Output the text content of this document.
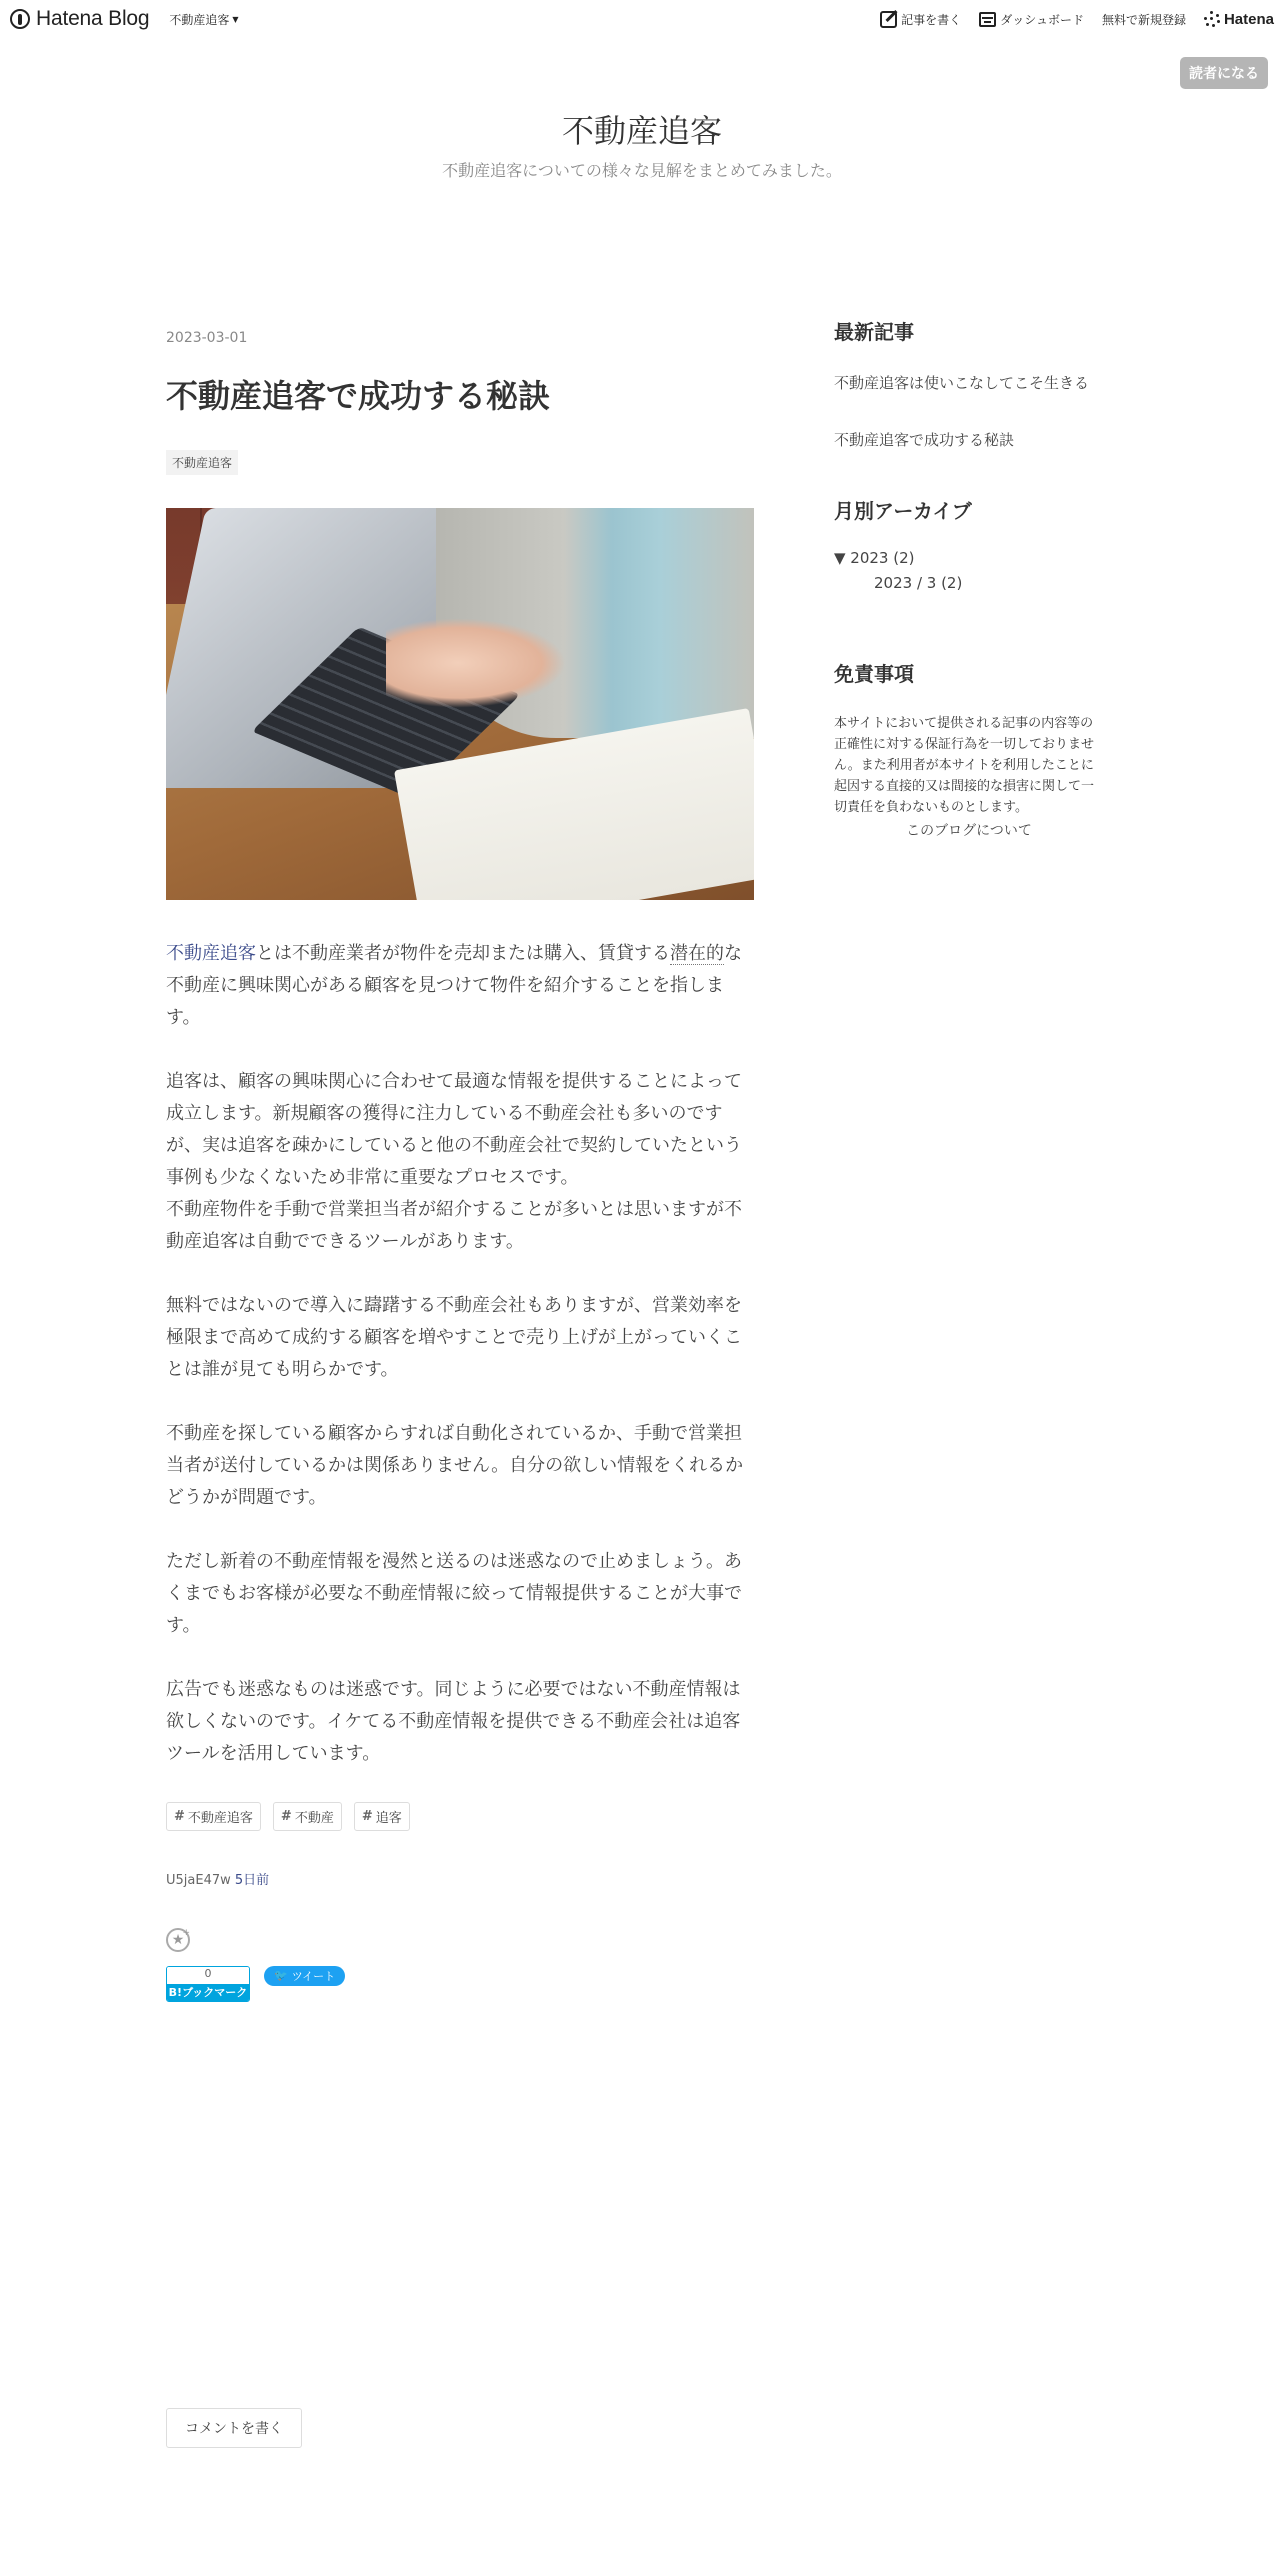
Hatena Blog 不動産追客 ▼	記事を書く	ダッシュボード 無料で新規登録	Hatena
読者になる
不動産追客
不動産追客についての様々な見解をまとめてみました。
2023-03-01
不動産追客で成功する秘訣
不動産追客

不動産追客とは不動産業者が物件を売却または購入、賃貸する潜在的な不動産に興味関心がある顧客を見つけて物件を紹介することを指します。

追客は、顧客の興味関心に合わせて最適な情報を提供することによって成立します。新規顧客の獲得に注力している不動産会社も多いのですが、実は追客を疎かにしていると他の不動産会社で契約していたという事例も少なくないため非常に重要なプロセスです。
不動産物件を手動で営業担当者が紹介することが多いとは思いますが不動産追客は自動でできるツールがあります。

無料ではないので導入に躊躇する不動産会社もありますが、営業効率を極限まで高めて成約する顧客を増やすことで売り上げが上がっていくことは誰が見ても明らかです。

不動産を探している顧客からすれば自動化されているか、手動で営業担当者が送付しているかは関係ありません。自分の欲しい情報をくれるかどうかが問題です。

ただし新着の不動産情報を漫然と送るのは迷惑なので止めましょう。あくまでもお客様が必要な不動産情報に絞って情報提供することが大事です。

広告でも迷惑なものは迷惑です。同じように必要ではない不動産情報は欲しくないのです。イケてる不動産情報を提供できる不動産会社は追客ツールを活用しています。

# 不動産追客 # 不動産 # 追客
U5jaE47w 5日前
★
+
0
B!ブックマーク
🐦 ツイート
コメントを書く
最新記事
不動産追客は使いこなしてこそ生きる
不動産追客で成功する秘訣
月別アーカイブ
▼ 2023 (2)
2023 / 3 (2)
免責事項
本サイトにおいて提供される記事の内容等の正確性に対する保証行為を一切しておりません。また利用者が本サイトを利用したことに起因する直接的又は間接的な損害に関して一切責任を負わないものとします。
このブログについて
